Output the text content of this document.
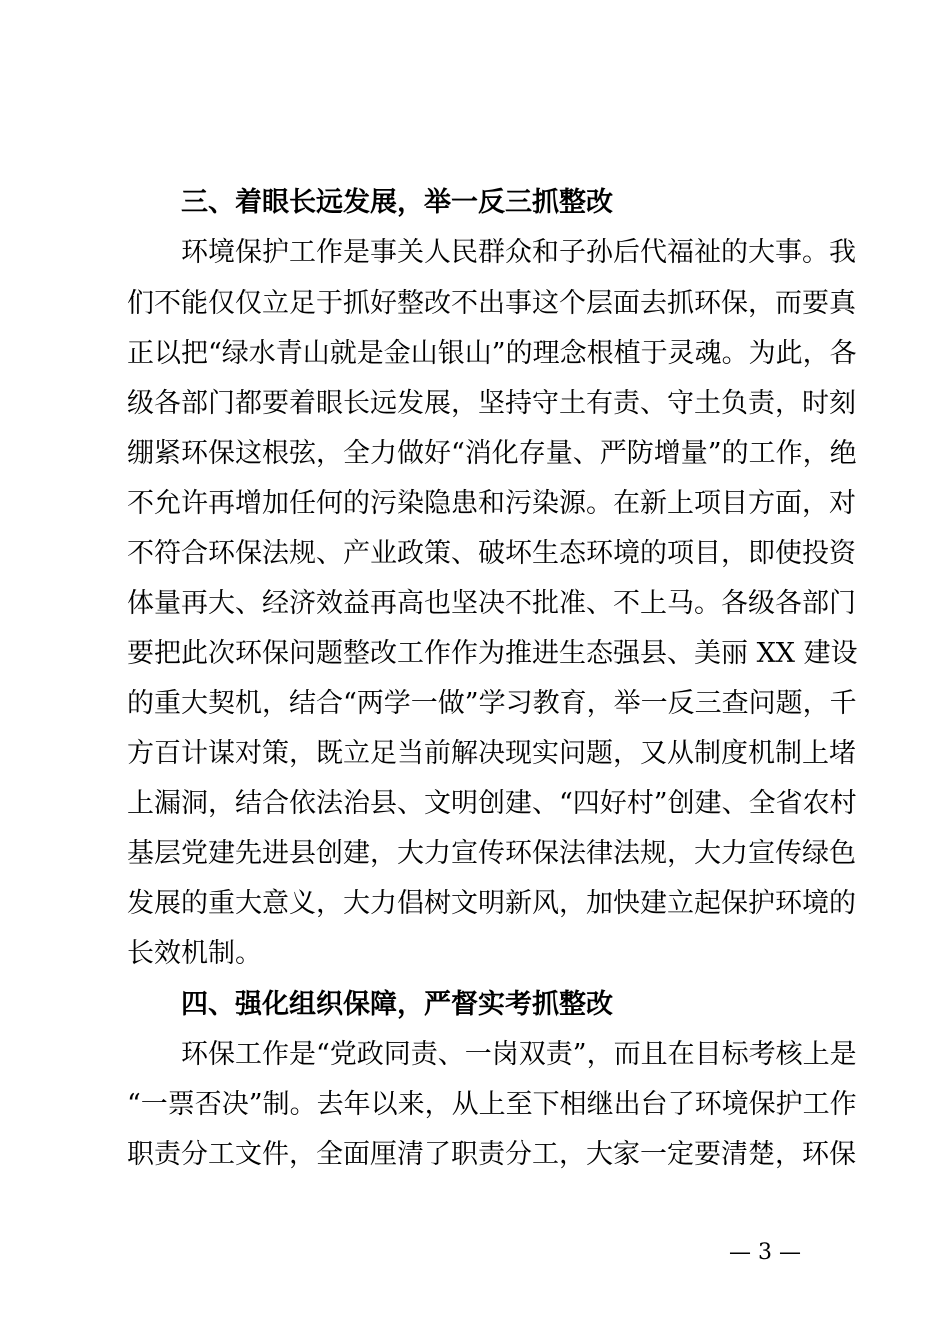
三、着眼长远发展，举一反三抓整改
环境保护工作是事关人民群众和子孙后代福祉的大事。我
们不能仅仅立足于抓好整改不出事这个层面去抓环保，而要真
正以把“绿水青山就是金山银山”的理念根植于灵魂。为此，各
级各部门都要着眼长远发展，坚持守土有责、守土负责，时刻
绷紧环保这根弦，全力做好“消化存量、严防增量”的工作，绝
不允许再增加任何的污染隐患和污染源。在新上项目方面，对
不符合环保法规、产业政策、破坏生态环境的项目，即使投资
体量再大、经济效益再高也坚决不批准、不上马。各级各部门
要把此次环保问题整改工作作为推进生态强县、美丽 XX 建设
的重大契机，结合“两学一做”学习教育，举一反三查问题，千
方百计谋对策，既立足当前解决现实问题，又从制度机制上堵
上漏洞，结合依法治县、文明创建、“四好村”创建、全省农村
基层党建先进县创建，大力宣传环保法律法规，大力宣传绿色
发展的重大意义，大力倡树文明新风，加快建立起保护环境的
长效机制。
四、强化组织保障，严督实考抓整改
环保工作是“党政同责、一岗双责”，而且在目标考核上是
“一票否决”制。去年以来，从上至下相继出台了环境保护工作
职责分工文件，全面厘清了职责分工，大家一定要清楚，环保
— 3 —
